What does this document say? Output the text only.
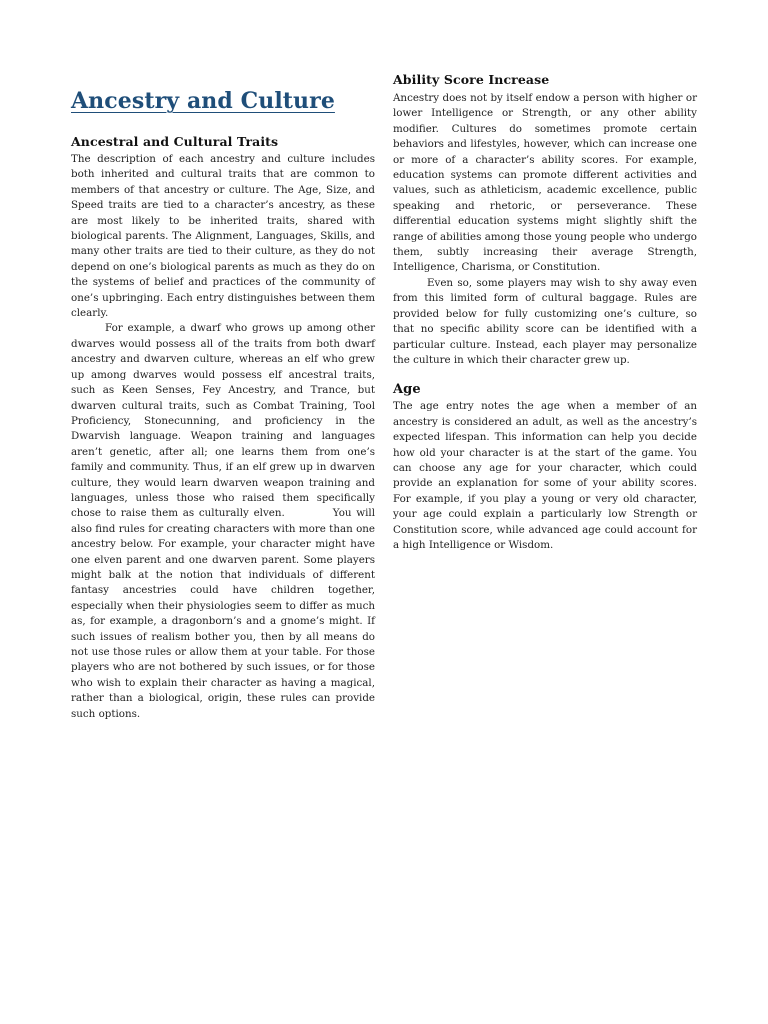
Ancestry and Culture
Ancestral and Cultural Traits

The description of each ancestry and culture includes both inherited and cultural traits that are common to members of that ancestry or culture. The Age, Size, and Speed traits are tied to a character’s ancestry, as these are most likely to be inherited traits, shared with biological parents. The Alignment, Languages, Skills, and many other traits are tied to their culture, as they do not depend on one’s biological parents as much as they do on the systems of belief and practices of the community of one’s upbringing. Each entry distinguishes between them clearly.

For example, a dwarf who grows up among other dwarves would possess all of the traits from both dwarf ancestry and dwarven culture, whereas an elf who grew up among dwarves would possess elf ancestral traits, such as Keen Senses, Fey Ancestry, and Trance, but dwarven cultural traits, such as Combat Training, Tool Proficiency, Stonecunning, and proficiency in the Dwarvish language. Weapon training and languages aren’t genetic, after all; one learns them from one’s family and community. Thus, if an elf grew up in dwarven culture, they would learn dwarven weapon training and languages, unless those who raised them specifically chose to raise them as culturally elven.	You will also find rules for creating characters with more than one ancestry below. For example, your character might have one elven parent and one dwarven parent. Some players might balk at the notion that individuals of different fantasy ancestries could have children together, especially when their physiologies seem to differ as much as, for example, a dragonborn’s and a gnome’s might. If such issues of realism bother you, then by all means do not use those rules or allow them at your table. For those players who are not bothered by such issues, or for those who wish to explain their character as having a magical, rather than a biological, origin, these rules can provide such options.

Ability Score Increase

Ancestry does not by itself endow a person with higher or lower Intelligence or Strength, or any other ability modifier. Cultures do sometimes promote certain behaviors and lifestyles, however, which can increase one or more of a character’s ability scores. For example, education systems can promote different activities and values, such as athleticism, academic excellence, public speaking and rhetoric, or perseverance. These differential education systems might slightly shift the range of abilities among those young people who undergo them, subtly increasing their average Strength, Intelligence, Charisma, or Constitution.

Even so, some players may wish to shy away even from this limited form of cultural baggage. Rules are provided below for fully customizing one’s culture, so that no specific ability score can be identified with a particular culture. Instead, each player may personalize the culture in which their character grew up.

Age

The age entry notes the age when a member of an ancestry is considered an adult, as well as the ancestry’s expected lifespan. This information can help you decide how old your character is at the start of the game. You can choose any age for your character, which could provide an explanation for some of your ability scores. For example, if you play a young or very old character, your age could explain a particularly low Strength or Constitution score, while advanced age could account for a high Intelligence or Wisdom.
